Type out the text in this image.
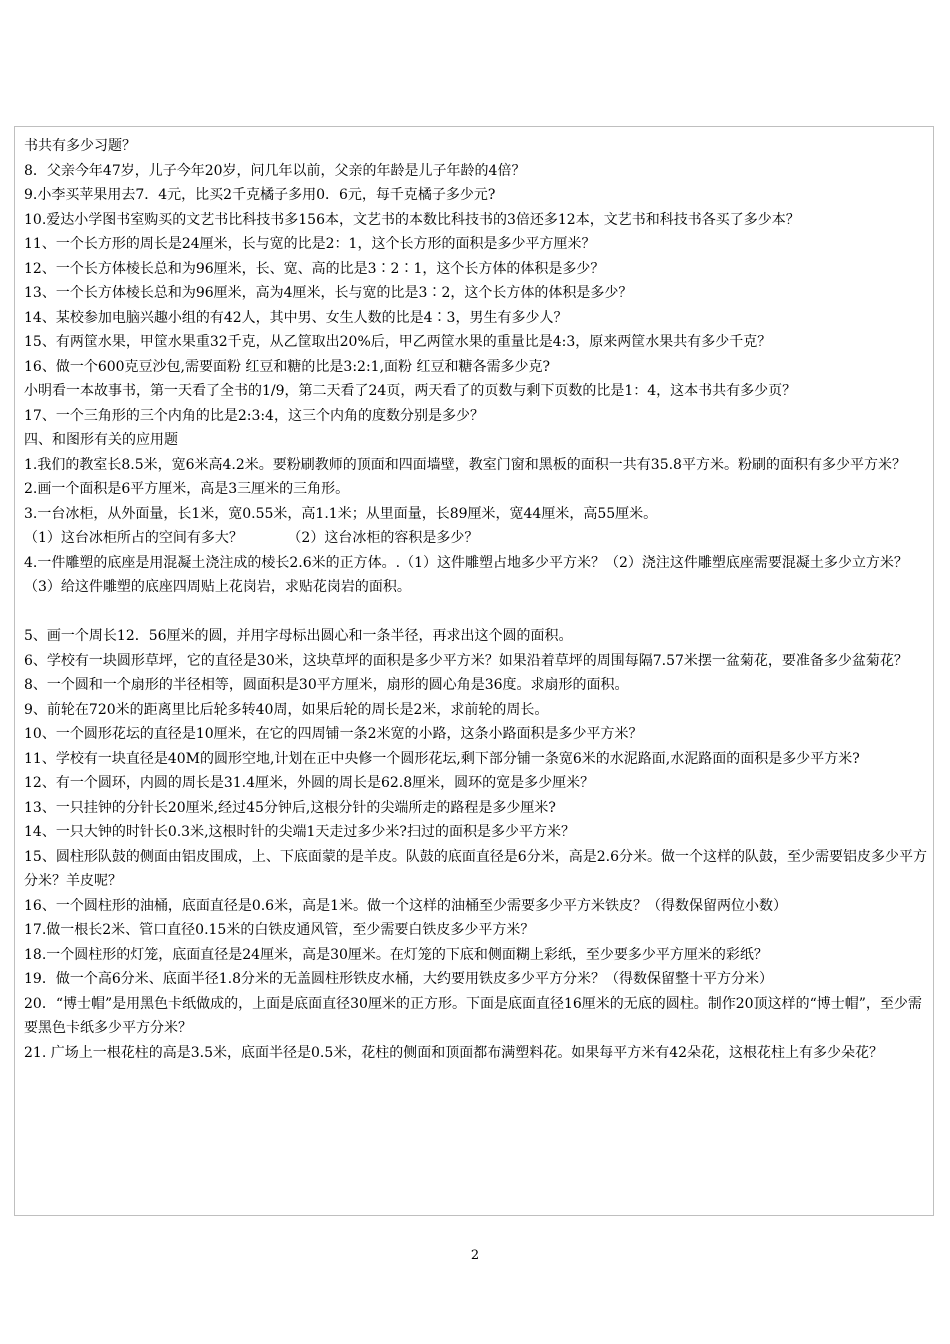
书共有多少习题？
8．父亲今年47岁，儿子今年20岁，问几年以前，父亲的年龄是儿子年龄的4倍？
9.小李买苹果用去7．4元，比买2千克橘子多用0．6元，每千克橘子多少元?
10.爱达小学图书室购买的文艺书比科技书多156本，文艺书的本数比科技书的3倍还多12本，文艺书和科技书各买了多少本？
11、一个长方形的周长是24厘米，长与宽的比是2：1，这个长方形的面积是多少平方厘米？
12、一个长方体棱长总和为96厘米，长、宽、高的比是3∶2∶1，这个长方体的体积是多少？
13、一个长方体棱长总和为96厘米，高为4厘米，长与宽的比是3∶2，这个长方体的体积是多少？
14、某校参加电脑兴趣小组的有42人，其中男、女生人数的比是4∶3，男生有多少人？
15、有两筐水果，甲筐水果重32千克，从乙筐取出20%后，甲乙两筐水果的重量比是4:3，原来两筐水果共有多少千克？
16、做一个600克豆沙包,需要面粉 红豆和糖的比是3:2:1,面粉 红豆和糖各需多少克?
小明看一本故事书，第一天看了全书的1/9，第二天看了24页，两天看了的页数与剩下页数的比是1：4，这本书共有多少页？
17、一个三角形的三个内角的比是2:3:4，这三个内角的度数分别是多少？
四、和图形有关的应用题
1.我们的教室长8.5米，宽6米高4.2米。要粉刷教师的顶面和四面墙壁，教室门窗和黑板的面积一共有35.8平方米。粉刷的面积有多少平方米？
2.画一个面积是6平方厘米，高是3三厘米的三角形。
3.一台冰柜，从外面量，长1米，宽0.55米，高1.1米；从里面量，长89厘米，宽44厘米，高55厘米。
（1）这台冰柜所占的空间有多大？          （2）这台冰柜的容积是多少？
4.一件雕塑的底座是用混凝土浇注成的棱长2.6米的正方体。.（1）这件雕塑占地多少平方米？（2）浇注这件雕塑底座需要混凝土多少立方米？（3）给这件雕塑的底座四周贴上花岗岩，求贴花岗岩的面积。
5、画一个周长12．56厘米的圆，并用字母标出圆心和一条半径，再求出这个圆的面积。
6、学校有一块圆形草坪，它的直径是30米，这块草坪的面积是多少平方米？如果沿着草坪的周围每隔7.57米摆一盆菊花，要准备多少盆菊花？
8、一个圆和一个扇形的半径相等，圆面积是30平方厘米，扇形的圆心角是36度。求扇形的面积。
9、前轮在720米的距离里比后轮多转40周，如果后轮的周长是2米，求前轮的周长。
10、一个圆形花坛的直径是10厘米，在它的四周铺一条2米宽的小路，这条小路面积是多少平方米？
11、学校有一块直径是40M的圆形空地,计划在正中央修一个圆形花坛,剩下部分铺一条宽6米的水泥路面,水泥路面的面积是多少平方米?
12、有一个圆环，内圆的周长是31.4厘米，外圆的周长是62.8厘米，圆环的宽是多少厘米？
13、一只挂钟的分针长20厘米,经过45分钟后,这根分针的尖端所走的路程是多少厘米?
14、一只大钟的时针长0.3米,这根时针的尖端1天走过多少米?扫过的面积是多少平方米？
15、圆柱形队鼓的侧面由铝皮围成，上、下底面蒙的是羊皮。队鼓的底面直径是6分米，高是2.6分米。做一个这样的队鼓，至少需要铝皮多少平方分米？羊皮呢？
16、一个圆柱形的油桶，底面直径是0.6米，高是1米。做一个这样的油桶至少需要多少平方米铁皮？（得数保留两位小数）
17.做一根长2米、管口直径0.15米的白铁皮通风管，至少需要白铁皮多少平方米？
18.一个圆柱形的灯笼，底面直径是24厘米，高是30厘米。在灯笼的下底和侧面糊上彩纸，至少要多少平方厘米的彩纸？
19．做一个高6分米、底面半径1.8分米的无盖圆柱形铁皮水桶，大约要用铁皮多少平方分米？（得数保留整十平方分米）
20．“博士帽”是用黑色卡纸做成的，上面是底面直径30厘米的正方形。下面是底面直径16厘米的无底的圆柱。制作20顶这样的“博士帽”，至少需要黑色卡纸多少平方分米？
21. 广场上一根花柱的高是3.5米，底面半径是0.5米，花柱的侧面和顶面都布满塑料花。如果每平方米有42朵花，这根花柱上有多少朵花？
2
